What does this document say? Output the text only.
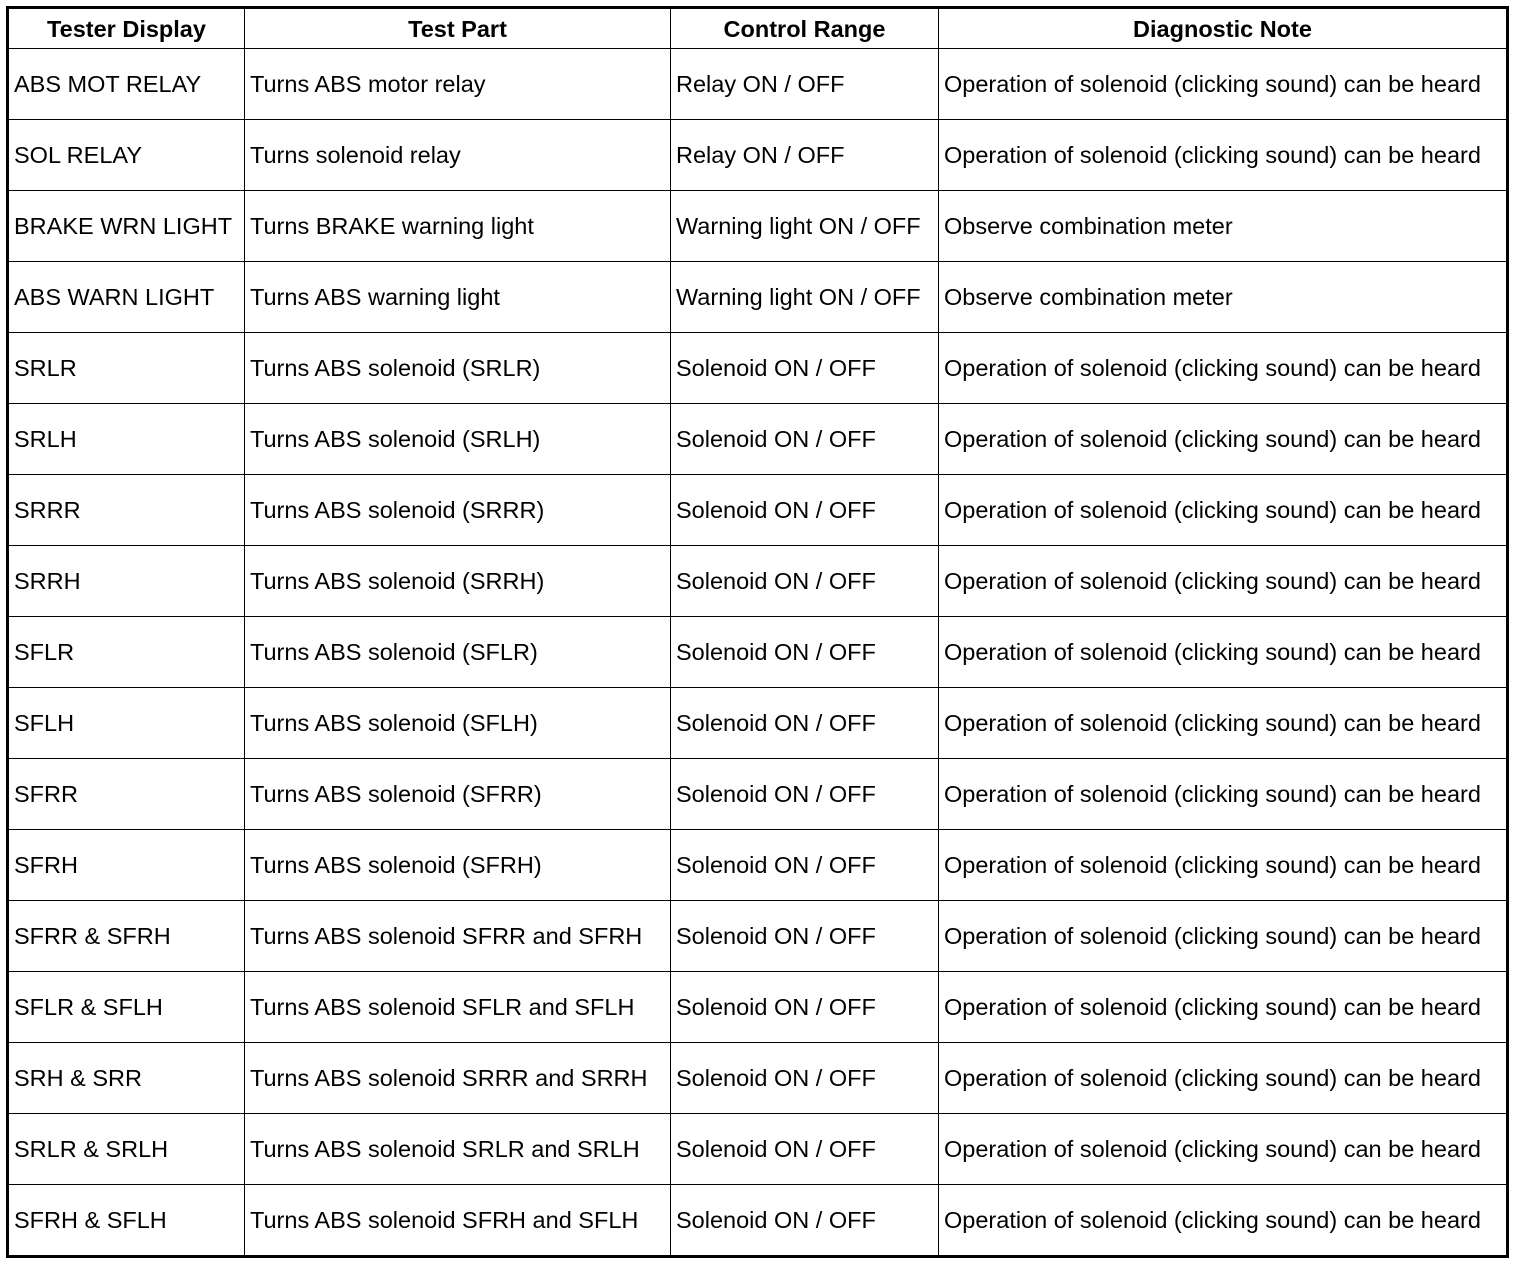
Tester Display	Test Part	Control Range	Diagnostic Note
ABS MOT RELAY	Turns ABS motor relay	Relay ON / OFF	Operation of solenoid (clicking sound) can be heard
SOL RELAY	Turns solenoid relay	Relay ON / OFF	Operation of solenoid (clicking sound) can be heard
BRAKE WRN LIGHT	Turns BRAKE warning light	Warning light ON / OFF	Observe combination meter
ABS WARN LIGHT	Turns ABS warning light	Warning light ON / OFF	Observe combination meter
SRLR	Turns ABS solenoid (SRLR)	Solenoid ON / OFF	Operation of solenoid (clicking sound) can be heard
SRLH	Turns ABS solenoid (SRLH)	Solenoid ON / OFF	Operation of solenoid (clicking sound) can be heard
SRRR	Turns ABS solenoid (SRRR)	Solenoid ON / OFF	Operation of solenoid (clicking sound) can be heard
SRRH	Turns ABS solenoid (SRRH)	Solenoid ON / OFF	Operation of solenoid (clicking sound) can be heard
SFLR	Turns ABS solenoid (SFLR)	Solenoid ON / OFF	Operation of solenoid (clicking sound) can be heard
SFLH	Turns ABS solenoid (SFLH)	Solenoid ON / OFF	Operation of solenoid (clicking sound) can be heard
SFRR	Turns ABS solenoid (SFRR)	Solenoid ON / OFF	Operation of solenoid (clicking sound) can be heard
SFRH	Turns ABS solenoid (SFRH)	Solenoid ON / OFF	Operation of solenoid (clicking sound) can be heard
SFRR & SFRH	Turns ABS solenoid SFRR and SFRH	Solenoid ON / OFF	Operation of solenoid (clicking sound) can be heard
SFLR & SFLH	Turns ABS solenoid SFLR and SFLH	Solenoid ON / OFF	Operation of solenoid (clicking sound) can be heard
SRH & SRR	Turns ABS solenoid SRRR and SRRH	Solenoid ON / OFF	Operation of solenoid (clicking sound) can be heard
SRLR & SRLH	Turns ABS solenoid SRLR and SRLH	Solenoid ON / OFF	Operation of solenoid (clicking sound) can be heard
SFRH & SFLH	Turns ABS solenoid SFRH and SFLH	Solenoid ON / OFF	Operation of solenoid (clicking sound) can be heard
